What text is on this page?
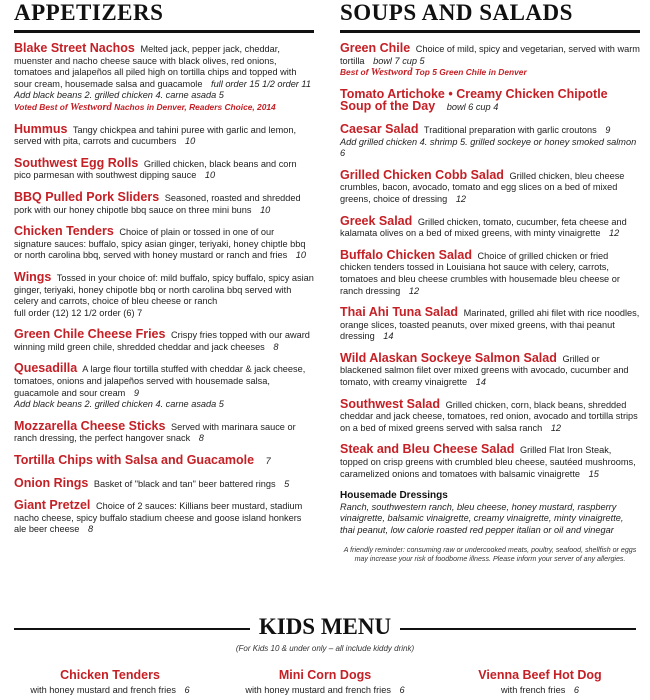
APPETIZERS
Blake Street Nachos Melted jack, pepper jack, cheddar, muenster and nacho cheese sauce with black olives, red onions, tomatoes and jalapeños all piled high on tortilla chips and topped with sour cream, housemade salsa and guacamole full order 15 1/2 order 11
Add black beans 2. grilled chicken 4. carne asada 5
Voted Best of Westword Nachos in Denver, Readers Choice, 2014
Hummus Tangy chickpea and tahini puree with garlic and lemon, served with pita, carrots and cucumbers 10
Southwest Egg Rolls Grilled chicken, black beans and corn pico parmesan with southwest dipping sauce 10
BBQ Pulled Pork Sliders Seasoned, roasted and shredded pork with our honey chipotle bbq sauce on three mini buns 10
Chicken Tenders Choice of plain or tossed in one of our signature sauces: buffalo, spicy asian ginger, teriyaki, honey chiptle bbq or north carolina bbq, served with honey mustard or ranch and fries 10
Wings Tossed in your choice of: mild buffalo, spicy buffalo, spicy asian ginger, teriyaki, honey chipotle bbq or north carolina bbq served with celery and carrots, choice of bleu cheese or ranch
full order (12) 12 1/2 order (6) 7
Green Chile Cheese Fries Crispy fries topped with our award winning mild green chile, shredded cheddar and jack cheeses 8
Quesadilla A large flour tortilla stuffed with cheddar & jack cheese, tomatoes, onions and jalapeños served with housemade salsa, guacamole and sour cream 9
Add black beans 2. grilled chicken 4. carne asada 5
Mozzarella Cheese Sticks Served with marinara sauce or ranch dressing, the perfect hangover snack 8
Tortilla Chips with Salsa and Guacamole 7
Onion Rings Basket of "black and tan" beer battered rings 5
Giant Pretzel Choice of 2 sauces: Killians beer mustard, stadium nacho cheese, spicy buffalo stadium cheese and goose island honkers ale beer cheese 8
SOUPS AND SALADS
Green Chile Choice of mild, spicy and vegetarian, served with warm tortilla bowl 7 cup 5
Best of Westword Top 5 Green Chile in Denver
Tomato Artichoke • Creamy Chicken Chipotle
Soup of the Day bowl 6 cup 4
Caesar Salad Traditional preparation with garlic croutons 9
Add grilled chicken 4. shrimp 5. grilled sockeye or honey smoked salmon 6
Grilled Chicken Cobb Salad Grilled chicken, bleu cheese crumbles, bacon, avocado, tomato and egg slices on a bed of mixed greens, choice of dressing 12
Greek Salad Grilled chicken, tomato, cucumber, feta cheese and kalamata olives on a bed of mixed greens, with minty vinaigrette 12
Buffalo Chicken Salad Choice of grilled chicken or fried chicken tenders tossed in Louisiana hot sauce with celery, carrots, tomatoes and bleu cheese crumbles with housemade bleu cheese or ranch dressing 12
Thai Ahi Tuna Salad Marinated, grilled ahi filet with rice noodles, orange slices, toasted peanuts, over mixed greens, with thai peanut dressing 14
Wild Alaskan Sockeye Salmon Salad Grilled or blackened salmon filet over mixed greens with avocado, cucumber and tomato, with creamy vinaigrette 14
Southwest Salad Grilled chicken, corn, black beans, shredded cheddar and jack cheese, tomatoes, red onion, avocado and tortilla strips on a bed of mixed greens served with salsa ranch 12
Steak and Bleu Cheese Salad Grilled Flat Iron Steak, topped on crisp greens with crumbled bleu cheese, sautéed mushrooms, caramelized onions and tomatoes with balsamic vinaigrette 15
Housemade Dressings
Ranch, southwestern ranch, bleu cheese, honey mustard, raspberry vinaigrette, balsamic vinaigrette, creamy vinaigrette, minty vinaigrette, thai peanut, low calorie roasted red pepper italian or oil and vinegar
A friendly reminder: consuming raw or undercooked meats, poultry, seafood, shellfish or eggs may increase your risk of foodborne illness. Please inform your server of any allergies.
KIDS MENU
(For Kids 10 & under only – all include kiddy drink)
Chicken Tenders
with honey mustard and french fries 6
Mini Corn Dogs
with honey mustard and french fries 6
Vienna Beef Hot Dog
with french fries 6
